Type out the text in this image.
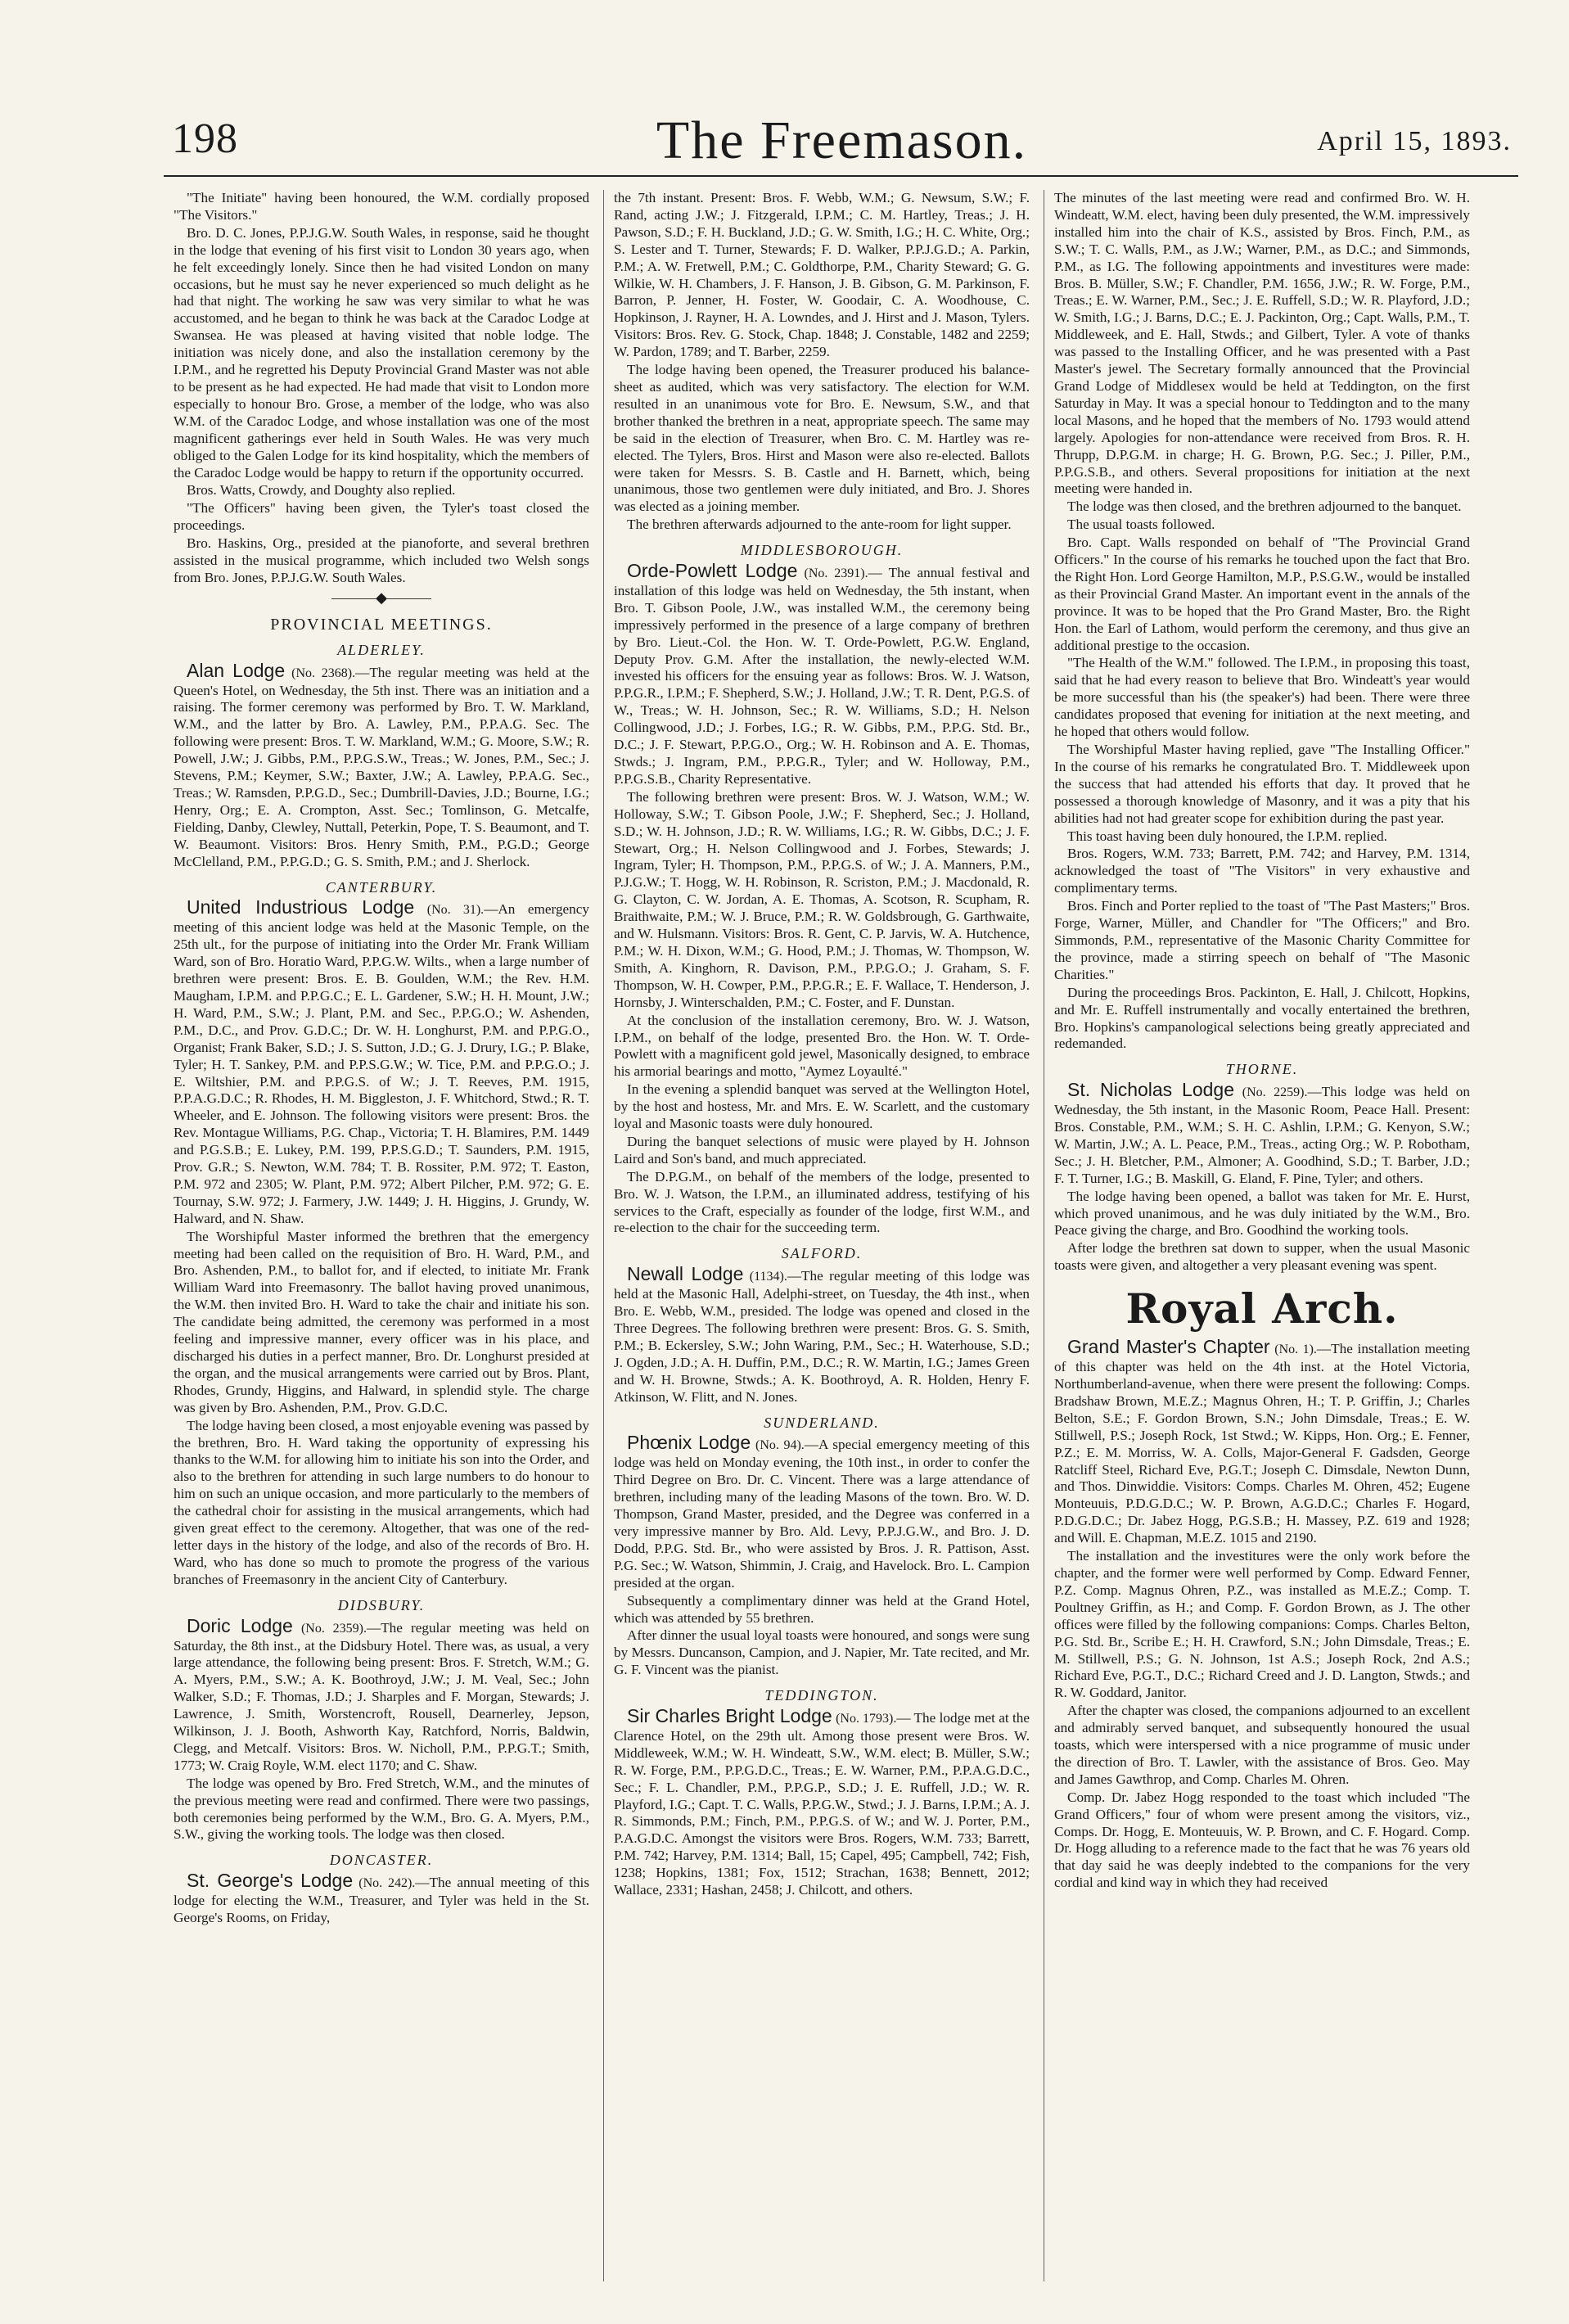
198	The Freemason.	April 15, 1893.

"The Initiate" having been honoured, the W.M. cordially proposed "The Visitors."

Bro. D. C. Jones, P.P.J.G.W. South Wales, in response, said he thought in the lodge that evening of his first visit to London 30 years ago, when he felt exceedingly lonely. Since then he had visited London on many occasions, but he must say he never experienced so much delight as he had that night. The working he saw was very similar to what he was accustomed, and he began to think he was back at the Caradoc Lodge at Swansea. He was pleased at having visited that noble lodge. The initiation was nicely done, and also the installation ceremony by the I.P.M., and he regretted his Deputy Provincial Grand Master was not able to be present as he had expected. He had made that visit to London more especially to honour Bro. Grose, a member of the lodge, who was also W.M. of the Caradoc Lodge, and whose installation was one of the most magnificent gatherings ever held in South Wales. He was very much obliged to the Galen Lodge for its kind hospitality, which the members of the Caradoc Lodge would be happy to return if the opportunity occurred.

Bros. Watts, Crowdy, and Doughty also replied.

"The Officers" having been given, the Tyler's toast closed the proceedings.

Bro. Haskins, Org., presided at the pianoforte, and several brethren assisted in the musical programme, which included two Welsh songs from Bro. Jones, P.P.J.G.W. South Wales.

———◆———
PROVINCIAL MEETINGS.
ALDERLEY.

Alan Lodge (No. 2368).—The regular meeting was held at the Queen's Hotel, on Wednesday, the 5th inst. There was an initiation and a raising. The former ceremony was performed by Bro. T. W. Markland, W.M., and the latter by Bro. A. Lawley, P.M., P.P.A.G. Sec. The following were present: Bros. T. W. Markland, W.M.; G. Moore, S.W.; R. Powell, J.W.; J. Gibbs, P.M., P.P.G.S.W., Treas.; W. Jones, P.M., Sec.; J. Stevens, P.M.; Keymer, S.W.; Baxter, J.W.; A. Lawley, P.P.A.G. Sec., Treas.; W. Ramsden, P.P.G.D., Sec.; Dumbrill-Davies, J.D.; Bourne, I.G.; Henry, Org.; E. A. Crompton, Asst. Sec.; Tomlinson, G. Metcalfe, Fielding, Danby, Clewley, Nuttall, Peterkin, Pope, T. S. Beaumont, and T. W. Beaumont. Visitors: Bros. Henry Smith, P.M., P.G.D.; George McClelland, P.M., P.P.G.D.; G. S. Smith, P.M.; and J. Sherlock.

CANTERBURY.

United Industrious Lodge (No. 31).—An emergency meeting of this ancient lodge was held at the Masonic Temple, on the 25th ult., for the purpose of initiating into the Order Mr. Frank William Ward, son of Bro. Horatio Ward, P.P.G.W. Wilts., when a large number of brethren were present: Bros. E. B. Goulden, W.M.; the Rev. H.M. Maugham, I.P.M. and P.P.G.C.; E. L. Gardener, S.W.; H. H. Mount, J.W.; H. Ward, P.M., S.W.; J. Plant, P.M. and Sec., P.P.G.O.; W. Ashenden, P.M., D.C., and Prov. G.D.C.; Dr. W. H. Longhurst, P.M. and P.P.G.O., Organist; Frank Baker, S.D.; J. S. Sutton, J.D.; G. J. Drury, I.G.; P. Blake, Tyler; H. T. Sankey, P.M. and P.P.S.G.W.; W. Tice, P.M. and P.P.G.O.; J. E. Wiltshier, P.M. and P.P.G.S. of W.; J. T. Reeves, P.M. 1915, P.P.A.G.D.C.; R. Rhodes, H. M. Biggleston, J. F. Whitchord, Stwd.; R. T. Wheeler, and E. Johnson. The following visitors were present: Bros. the Rev. Montague Williams, P.G. Chap., Victoria; T. H. Blamires, P.M. 1449 and P.G.S.B.; E. Lukey, P.M. 199, P.P.S.G.D.; T. Saunders, P.M. 1915, Prov. G.R.; S. Newton, W.M. 784; T. B. Rossiter, P.M. 972; T. Easton, P.M. 972 and 2305; W. Plant, P.M. 972; Albert Pilcher, P.M. 972; G. E. Tournay, S.W. 972; J. Farmery, J.W. 1449; J. H. Higgins, J. Grundy, W. Halward, and N. Shaw.

The Worshipful Master informed the brethren that the emergency meeting had been called on the requisition of Bro. H. Ward, P.M., and Bro. Ashenden, P.M., to ballot for, and if elected, to initiate Mr. Frank William Ward into Freemasonry. The ballot having proved unanimous, the W.M. then invited Bro. H. Ward to take the chair and initiate his son. The candidate being admitted, the ceremony was performed in a most feeling and impressive manner, every officer was in his place, and discharged his duties in a perfect manner, Bro. Dr. Longhurst presided at the organ, and the musical arrangements were carried out by Bros. Plant, Rhodes, Grundy, Higgins, and Halward, in splendid style. The charge was given by Bro. Ashenden, P.M., Prov. G.D.C.

The lodge having been closed, a most enjoyable evening was passed by the brethren, Bro. H. Ward taking the opportunity of expressing his thanks to the W.M. for allowing him to initiate his son into the Order, and also to the brethren for attending in such large numbers to do honour to him on such an unique occasion, and more particularly to the members of the cathedral choir for assisting in the musical arrangements, which had given great effect to the ceremony. Altogether, that was one of the red-letter days in the history of the lodge, and also of the records of Bro. H. Ward, who has done so much to promote the progress of the various branches of Freemasonry in the ancient City of Canterbury.

DIDSBURY.

Doric Lodge (No. 2359).—The regular meeting was held on Saturday, the 8th inst., at the Didsbury Hotel. There was, as usual, a very large attendance, the following being present: Bros. F. Stretch, W.M.; G. A. Myers, P.M., S.W.; A. K. Boothroyd, J.W.; J. M. Veal, Sec.; John Walker, S.D.; F. Thomas, J.D.; J. Sharples and F. Morgan, Stewards; J. Lawrence, J. Smith, Worstencroft, Rousell, Dearnerley, Jepson, Wilkinson, J. J. Booth, Ashworth Kay, Ratchford, Norris, Baldwin, Clegg, and Metcalf. Visitors: Bros. W. Nicholl, P.M., P.P.G.T.; Smith, 1773; W. Craig Royle, W.M. elect 1170; and C. Shaw.

The lodge was opened by Bro. Fred Stretch, W.M., and the minutes of the previous meeting were read and confirmed. There were two passings, both ceremonies being performed by the W.M., Bro. G. A. Myers, P.M., S.W., giving the working tools. The lodge was then closed.

DONCASTER.

St. George's Lodge (No. 242).—The annual meeting of this lodge for electing the W.M., Treasurer, and Tyler was held in the St. George's Rooms, on Friday,

the 7th instant. Present: Bros. F. Webb, W.M.; G. Newsum, S.W.; F. Rand, acting J.W.; J. Fitzgerald, I.P.M.; C. M. Hartley, Treas.; J. H. Pawson, S.D.; F. H. Buckland, J.D.; G. W. Smith, I.G.; H. C. White, Org.; S. Lester and T. Turner, Stewards; F. D. Walker, P.P.J.G.D.; A. Parkin, P.M.; A. W. Fretwell, P.M.; C. Goldthorpe, P.M., Charity Steward; G. G. Wilkie, W. H. Chambers, J. F. Hanson, J. B. Gibson, G. M. Parkinson, F. Barron, P. Jenner, H. Foster, W. Goodair, C. A. Woodhouse, C. Hopkinson, J. Rayner, H. A. Lowndes, and J. Hirst and J. Mason, Tylers. Visitors: Bros. Rev. G. Stock, Chap. 1848; J. Constable, 1482 and 2259; W. Pardon, 1789; and T. Barber, 2259.

The lodge having been opened, the Treasurer produced his balance-sheet as audited, which was very satisfactory. The election for W.M. resulted in an unanimous vote for Bro. E. Newsum, S.W., and that brother thanked the brethren in a neat, appropriate speech. The same may be said in the election of Treasurer, when Bro. C. M. Hartley was re-elected. The Tylers, Bros. Hirst and Mason were also re-elected. Ballots were taken for Messrs. S. B. Castle and H. Barnett, which, being unanimous, those two gentlemen were duly initiated, and Bro. J. Shores was elected as a joining member.

The brethren afterwards adjourned to the ante-room for light supper.

MIDDLESBOROUGH.

Orde-Powlett Lodge (No. 2391).— The annual festival and installation of this lodge was held on Wednesday, the 5th instant, when Bro. T. Gibson Poole, J.W., was installed W.M., the ceremony being impressively performed in the presence of a large company of brethren by Bro. Lieut.-Col. the Hon. W. T. Orde-Powlett, P.G.W. England, Deputy Prov. G.M. After the installation, the newly-elected W.M. invested his officers for the ensuing year as follows: Bros. W. J. Watson, P.P.G.R., I.P.M.; F. Shepherd, S.W.; J. Holland, J.W.; T. R. Dent, P.G.S. of W., Treas.; W. H. Johnson, Sec.; R. W. Williams, S.D.; H. Nelson Collingwood, J.D.; J. Forbes, I.G.; R. W. Gibbs, P.M., P.P.G. Std. Br., D.C.; J. F. Stewart, P.P.G.O., Org.; W. H. Robinson and A. E. Thomas, Stwds.; J. Ingram, P.M., P.P.G.R., Tyler; and W. Holloway, P.M., P.P.G.S.B., Charity Representative.

The following brethren were present: Bros. W. J. Watson, W.M.; W. Holloway, S.W.; T. Gibson Poole, J.W.; F. Shepherd, Sec.; J. Holland, S.D.; W. H. Johnson, J.D.; R. W. Williams, I.G.; R. W. Gibbs, D.C.; J. F. Stewart, Org.; H. Nelson Collingwood and J. Forbes, Stewards; J. Ingram, Tyler; H. Thompson, P.M., P.P.G.S. of W.; J. A. Manners, P.M., P.J.G.W.; T. Hogg, W. H. Robinson, R. Scriston, P.M.; J. Macdonald, R. G. Clayton, C. W. Jordan, A. E. Thomas, A. Scotson, R. Scupham, R. Braithwaite, P.M.; W. J. Bruce, P.M.; R. W. Goldsbrough, G. Garthwaite, and W. Hulsmann. Visitors: Bros. R. Gent, C. P. Jarvis, W. A. Hutchence, P.M.; W. H. Dixon, W.M.; G. Hood, P.M.; J. Thomas, W. Thompson, W. Smith, A. Kinghorn, R. Davison, P.M., P.P.G.O.; J. Graham, S. F. Thompson, W. H. Cowper, P.M., P.P.G.R.; E. F. Wallace, T. Henderson, J. Hornsby, J. Winterschalden, P.M.; C. Foster, and F. Dunstan.

At the conclusion of the installation ceremony, Bro. W. J. Watson, I.P.M., on behalf of the lodge, presented Bro. the Hon. W. T. Orde-Powlett with a magnificent gold jewel, Masonically designed, to embrace his armorial bearings and motto, "Aymez Loyaulté."

In the evening a splendid banquet was served at the Wellington Hotel, by the host and hostess, Mr. and Mrs. E. W. Scarlett, and the customary loyal and Masonic toasts were duly honoured.

During the banquet selections of music were played by H. Johnson Laird and Son's band, and much appreciated.

The D.P.G.M., on behalf of the members of the lodge, presented to Bro. W. J. Watson, the I.P.M., an illuminated address, testifying of his services to the Craft, especially as founder of the lodge, first W.M., and re-election to the chair for the succeeding term.

SALFORD.

Newall Lodge (1134).—The regular meeting of this lodge was held at the Masonic Hall, Adelphi-street, on Tuesday, the 4th inst., when Bro. E. Webb, W.M., presided. The lodge was opened and closed in the Three Degrees. The following brethren were present: Bros. G. S. Smith, P.M.; B. Eckersley, S.W.; John Waring, P.M., Sec.; H. Waterhouse, S.D.; J. Ogden, J.D.; A. H. Duffin, P.M., D.C.; R. W. Martin, I.G.; James Green and W. H. Browne, Stwds.; A. K. Boothroyd, A. R. Holden, Henry F. Atkinson, W. Flitt, and N. Jones.

SUNDERLAND.

Phœnix Lodge (No. 94).—A special emergency meeting of this lodge was held on Monday evening, the 10th inst., in order to confer the Third Degree on Bro. Dr. C. Vincent. There was a large attendance of brethren, including many of the leading Masons of the town. Bro. W. D. Thompson, Grand Master, presided, and the Degree was conferred in a very impressive manner by Bro. Ald. Levy, P.P.J.G.W., and Bro. J. D. Dodd, P.P.G. Std. Br., who were assisted by Bros. J. R. Pattison, Asst. P.G. Sec.; W. Watson, Shimmin, J. Craig, and Havelock. Bro. L. Campion presided at the organ.

Subsequently a complimentary dinner was held at the Grand Hotel, which was attended by 55 brethren.

After dinner the usual loyal toasts were honoured, and songs were sung by Messrs. Duncanson, Campion, and J. Napier, Mr. Tate recited, and Mr. G. F. Vincent was the pianist.

TEDDINGTON.

Sir Charles Bright Lodge (No. 1793).— The lodge met at the Clarence Hotel, on the 29th ult. Among those present were Bros. W. Middleweek, W.M.; W. H. Windeatt, S.W., W.M. elect; B. Müller, S.W.; R. W. Forge, P.M., P.P.G.D.C., Treas.; E. W. Warner, P.M., P.P.A.G.D.C., Sec.; F. L. Chandler, P.M., P.P.G.P., S.D.; J. E. Ruffell, J.D.; W. R. Playford, I.G.; Capt. T. C. Walls, P.P.G.W., Stwd.; J. J. Barns, I.P.M.; A. J. R. Simmonds, P.M.; Finch, P.M., P.P.G.S. of W.; and W. J. Porter, P.M., P.A.G.D.C. Amongst the visitors were Bros. Rogers, W.M. 733; Barrett, P.M. 742; Harvey, P.M. 1314; Ball, 15; Capel, 495; Campbell, 742; Fish, 1238; Hopkins, 1381; Fox, 1512; Strachan, 1638; Bennett, 2012; Wallace, 2331; Hashan, 2458; J. Chilcott, and others.

The minutes of the last meeting were read and confirmed Bro. W. H. Windeatt, W.M. elect, having been duly presented, the W.M. impressively installed him into the chair of K.S., assisted by Bros. Finch, P.M., as S.W.; T. C. Walls, P.M., as J.W.; Warner, P.M., as D.C.; and Simmonds, P.M., as I.G. The following appointments and investitures were made: Bros. B. Müller, S.W.; F. Chandler, P.M. 1656, J.W.; R. W. Forge, P.M., Treas.; E. W. Warner, P.M., Sec.; J. E. Ruffell, S.D.; W. R. Playford, J.D.; W. Smith, I.G.; J. Barns, D.C.; E. J. Packinton, Org.; Capt. Walls, P.M., T. Middleweek, and E. Hall, Stwds.; and Gilbert, Tyler. A vote of thanks was passed to the Installing Officer, and he was presented with a Past Master's jewel. The Secretary formally announced that the Provincial Grand Lodge of Middlesex would be held at Teddington, on the first Saturday in May. It was a special honour to Teddington and to the many local Masons, and he hoped that the members of No. 1793 would attend largely. Apologies for non-attendance were received from Bros. R. H. Thrupp, D.P.G.M. in charge; H. G. Brown, P.G. Sec.; J. Piller, P.M., P.P.G.S.B., and others. Several propositions for initiation at the next meeting were handed in.

The lodge was then closed, and the brethren adjourned to the banquet.

The usual toasts followed.

Bro. Capt. Walls responded on behalf of "The Provincial Grand Officers." In the course of his remarks he touched upon the fact that Bro. the Right Hon. Lord George Hamilton, M.P., P.S.G.W., would be installed as their Provincial Grand Master. An important event in the annals of the province. It was to be hoped that the Pro Grand Master, Bro. the Right Hon. the Earl of Lathom, would perform the ceremony, and thus give an additional prestige to the occasion.

"The Health of the W.M." followed. The I.P.M., in proposing this toast, said that he had every reason to believe that Bro. Windeatt's year would be more successful than his (the speaker's) had been. There were three candidates proposed that evening for initiation at the next meeting, and he hoped that others would follow.

The Worshipful Master having replied, gave "The Installing Officer." In the course of his remarks he congratulated Bro. T. Middleweek upon the success that had attended his efforts that day. It proved that he possessed a thorough knowledge of Masonry, and it was a pity that his abilities had not had greater scope for exhibition during the past year.

This toast having been duly honoured, the I.P.M. replied.

Bros. Rogers, W.M. 733; Barrett, P.M. 742; and Harvey, P.M. 1314, acknowledged the toast of "The Visitors" in very exhaustive and complimentary terms.

Bros. Finch and Porter replied to the toast of "The Past Masters;" Bros. Forge, Warner, Müller, and Chandler for "The Officers;" and Bro. Simmonds, P.M., representative of the Masonic Charity Committee for the province, made a stirring speech on behalf of "The Masonic Charities."

During the proceedings Bros. Packinton, E. Hall, J. Chilcott, Hopkins, and Mr. E. Ruffell instrumentally and vocally entertained the brethren, Bro. Hopkins's campanological selections being greatly appreciated and redemanded.

THORNE.

St. Nicholas Lodge (No. 2259).—This lodge was held on Wednesday, the 5th instant, in the Masonic Room, Peace Hall. Present: Bros. Constable, P.M., W.M.; S. H. C. Ashlin, I.P.M.; G. Kenyon, S.W.; W. Martin, J.W.; A. L. Peace, P.M., Treas., acting Org.; W. P. Robotham, Sec.; J. H. Bletcher, P.M., Almoner; A. Goodhind, S.D.; T. Barber, J.D.; F. T. Turner, I.G.; B. Maskill, G. Eland, F. Pine, Tyler; and others.

The lodge having been opened, a ballot was taken for Mr. E. Hurst, which proved unanimous, and he was duly initiated by the W.M., Bro. Peace giving the charge, and Bro. Goodhind the working tools.

After lodge the brethren sat down to supper, when the usual Masonic toasts were given, and altogether a very pleasant evening was spent.

Royal Arch.

Grand Master's Chapter (No. 1).—The installation meeting of this chapter was held on the 4th inst. at the Hotel Victoria, Northumberland-avenue, when there were present the following: Comps. Bradshaw Brown, M.E.Z.; Magnus Ohren, H.; T. P. Griffin, J.; Charles Belton, S.E.; F. Gordon Brown, S.N.; John Dimsdale, Treas.; E. W. Stillwell, P.S.; Joseph Rock, 1st Stwd.; W. Kipps, Hon. Org.; E. Fenner, P.Z.; E. M. Morriss, W. A. Colls, Major-General F. Gadsden, George Ratcliff Steel, Richard Eve, P.G.T.; Joseph C. Dimsdale, Newton Dunn, and Thos. Dinwiddie. Visitors: Comps. Charles M. Ohren, 452; Eugene Monteuuis, P.D.G.D.C.; W. P. Brown, A.G.D.C.; Charles F. Hogard, P.D.G.D.C.; Dr. Jabez Hogg, P.G.S.B.; H. Massey, P.Z. 619 and 1928; and Will. E. Chapman, M.E.Z. 1015 and 2190.

The installation and the investitures were the only work before the chapter, and the former were well performed by Comp. Edward Fenner, P.Z. Comp. Magnus Ohren, P.Z., was installed as M.E.Z.; Comp. T. Poultney Griffin, as H.; and Comp. F. Gordon Brown, as J. The other offices were filled by the following companions: Comps. Charles Belton, P.G. Std. Br., Scribe E.; H. H. Crawford, S.N.; John Dimsdale, Treas.; E. M. Stillwell, P.S.; G. N. Johnson, 1st A.S.; Joseph Rock, 2nd A.S.; Richard Eve, P.G.T., D.C.; Richard Creed and J. D. Langton, Stwds.; and R. W. Goddard, Janitor.

After the chapter was closed, the companions adjourned to an excellent and admirably served banquet, and subsequently honoured the usual toasts, which were interspersed with a nice programme of music under the direction of Bro. T. Lawler, with the assistance of Bros. Geo. May and James Gawthrop, and Comp. Charles M. Ohren.

Comp. Dr. Jabez Hogg responded to the toast which included "The Grand Officers," four of whom were present among the visitors, viz., Comps. Dr. Hogg, E. Monteuuis, W. P. Brown, and C. F. Hogard. Comp. Dr. Hogg alluding to a reference made to the fact that he was 76 years old that day said he was deeply indebted to the companions for the very cordial and kind way in which they had received
